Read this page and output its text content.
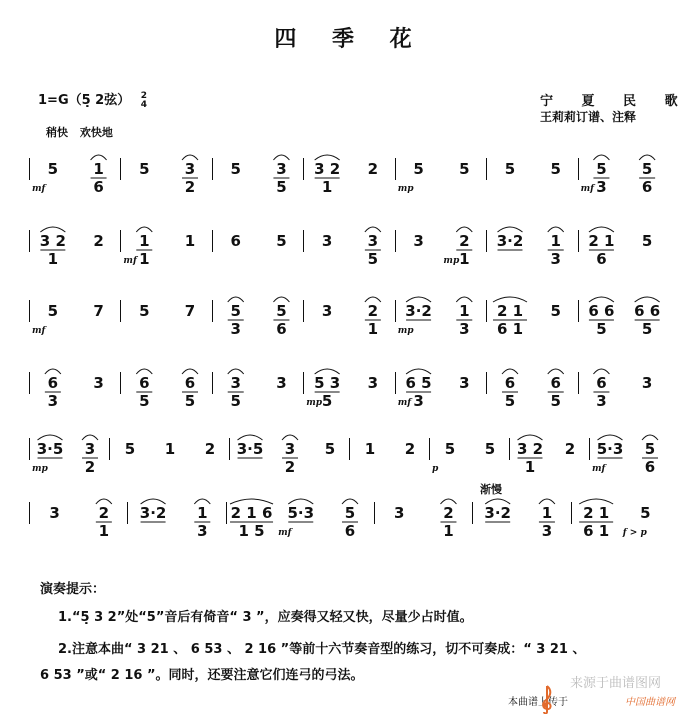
四 季 花
1=G（5̣ 2弦） 2
4	宁 夏 民 歌
王莉莉订谱、注释
稍快 欢快地
5 1 6
5 3 2
5 3 5
3 2 1
2 5 5 5 5 5 3
5 6
mf	mp	mf
3 2 1
2 1 1
1 6 5 3 3 5
3 2 1
3·2 1 3
2 1 6
5
mf	mp
5 7 5 7 5 3
5 6
3 2 1
3·2 1 3
2 1 6 1
5 6 6 5
6 6 5
mf	mp
6 3
3 6 5
6 5
3 5
3 5 3 5
3 6 5 3
3 6 5
6 5
6 3
3
mp	mf
3·5 3 2
5 1 2 3·5 3 2
5 1 2 5 5 3 2 1
2 5·3 5 6
mp	p	mf
3	2 1
3·2 1 3
2 1 6 1 5
5·3 5 6
3	2 1
3·2 1 3
2 1 6 1
5
mf	f > p
渐慢
演奏提示：
1.“5̣ 3 2”处“5”音后有倚音“ 3 ”，应奏得又轻又快，尽量少占时值。
2.注意本曲“ 3 21 、 6 53 、 2 16 ”等前十六节奏音型的练习，切不可奏成：“ 3 21 、
6 53 ”或“ 2 16 ”。同时，还要注意它们连弓的弓法。
来源于曲谱图网
本曲谱上传于	中国曲谱网
